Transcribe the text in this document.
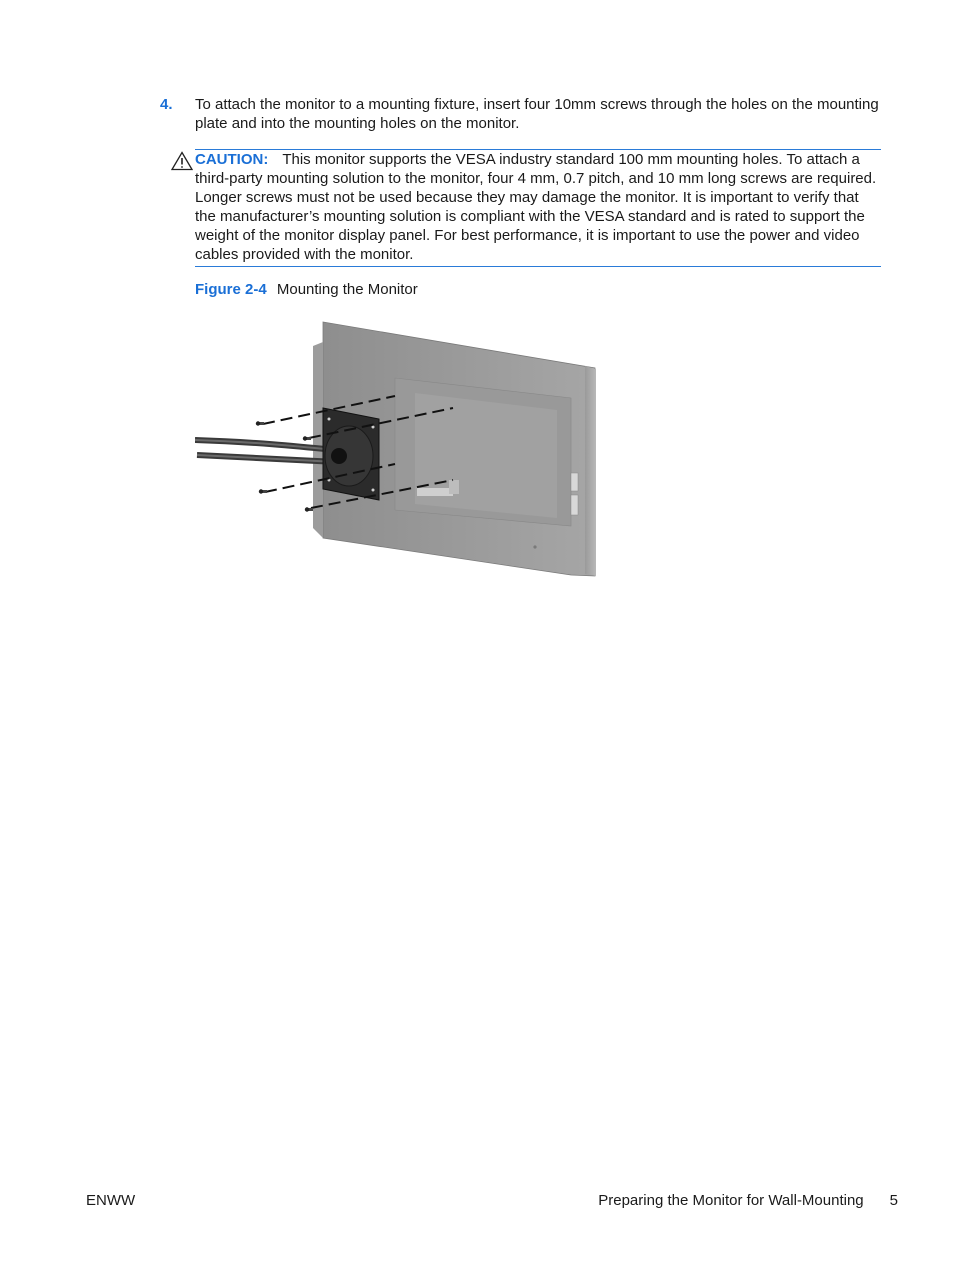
4. To attach the monitor to a mounting fixture, insert four 10mm screws through the holes on the mounting plate and into the mounting holes on the monitor.
CAUTION: This monitor supports the VESA industry standard 100 mm mounting holes. To attach a third-party mounting solution to the monitor, four 4 mm, 0.7 pitch, and 10 mm long screws are required. Longer screws must not be used because they may damage the monitor. It is important to verify that the manufacturer’s mounting solution is compliant with the VESA standard and is rated to support the weight of the monitor display panel. For best performance, it is important to use the power and video cables provided with the monitor.
Figure 2-4 Mounting the Monitor
ENWW	Preparing the Monitor for Wall-Mounting 5
